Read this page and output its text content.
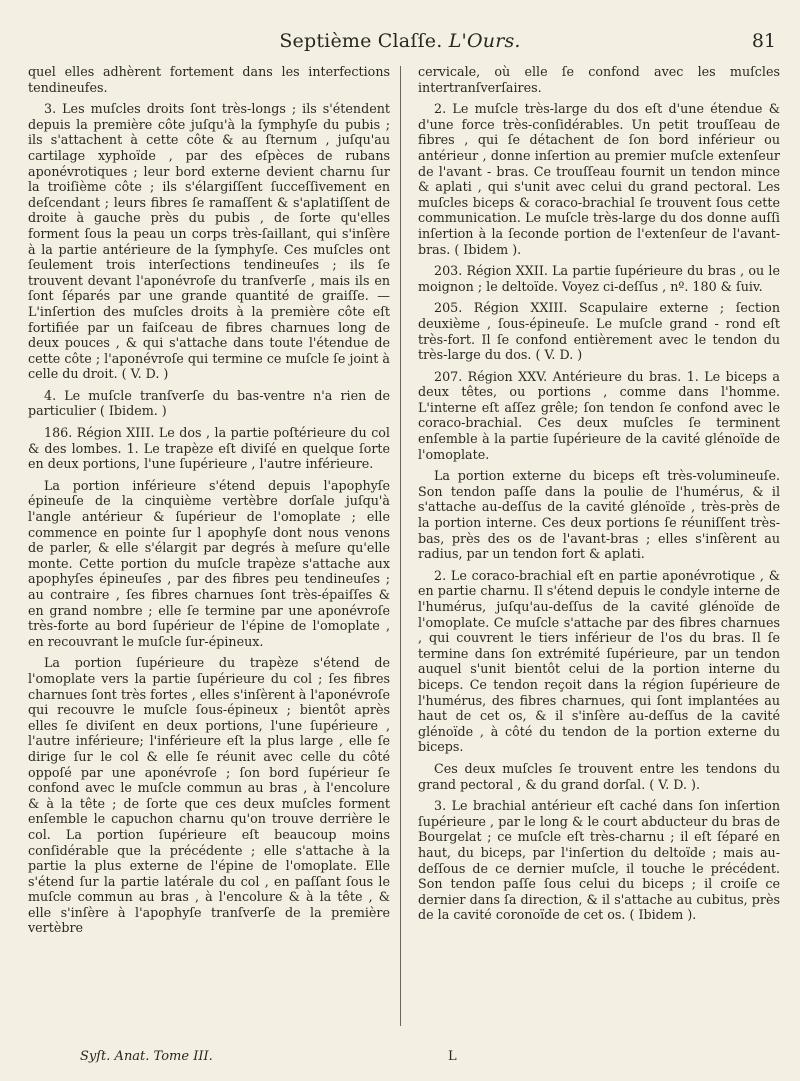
Septième Claſſe. L'Ours.	81

quel elles adhèrent fortement dans les interfections tendineufes.

3. Les muſcles droits ſont très-longs ; ils s'étendent depuis la première côte juſqu'à la ſymphyſe du pubis ; ils s'attachent à cette côte & au ſternum , juſqu'au cartilage xyphoïde , par des eſpèces de rubans aponévrotiques ; leur bord externe devient charnu ſur la troiſième côte ; ils s'élargiſſent ſucceſſivement en deſcendant ; leurs fibres ſe ramaſſent & s'aplatiſſent de droite à gauche près du pubis , de ſorte qu'elles forment ſous la peau un corps très-ſaillant, qui s'inſère à la partie antérieure de la ſymphyſe. Ces muſcles ont ſeulement trois interſections tendineuſes ; ils ſe trouvent devant l'aponévroſe du tranſverſe , mais ils en ſont ſéparés par une grande quantité de graiſſe. — L'inſertion des muſcles droits à la première côte eſt fortifiée par un faiſceau de fibres charnues long de deux pouces , & qui s'attache dans toute l'étendue de cette côte ; l'aponévroſe qui termine ce muſcle ſe joint à celle du droit. ( V. D. )

4. Le muſcle tranſverſe du bas-ventre n'a rien de particulier ( Ibidem. )

186. Région XIII. Le dos , la partie poſtérieure du col & des lombes. 1. Le trapèze eſt diviſé en quelque ſorte en deux portions, l'une ſupérieure , l'autre inférieure.

La portion inférieure s'étend depuis l'apophyſe épineuſe de la cinquième vertèbre dorſale juſqu'à l'angle antérieur & ſupérieur de l'omoplate ; elle commence en pointe ſur l apophyſe dont nous venons de parler, & elle s'élargit par degrés à meſure qu'elle monte. Cette portion du muſcle trapèze s'attache aux apophyſes épineuſes , par des fibres peu tendineuſes ; au contraire , ſes fibres charnues ſont très-épaiſſes & en grand nombre ; elle ſe termine par une aponévroſe très-forte au bord ſupérieur de l'épine de l'omoplate , en recouvrant le muſcle ſur-épineux.

La portion ſupérieure du trapèze s'étend de l'omoplate vers la partie ſupérieure du col ; ſes fibres charnues ſont très fortes , elles s'inſèrent à l'aponévroſe qui recouvre le muſcle ſous-épineux ; bientôt après elles ſe diviſent en deux portions, l'une ſupérieure , l'autre inférieure; l'inférieure eſt la plus large , elle ſe dirige ſur le col & elle ſe réunit avec celle du côté oppoſé par une aponévroſe ; ſon bord ſupérieur ſe confond avec le muſcle commun au bras , à l'encolure & à la tête ; de ſorte que ces deux muſcles forment enſemble le capuchon charnu qu'on trouve derrière le col. La portion ſupérieure eſt beaucoup moins conſidérable que la précédente ; elle s'attache à la partie la plus externe de l'épine de l'omoplate. Elle s'étend ſur la partie latérale du col , en paſſant ſous le muſcle commun au bras , à l'encolure & à la tête , & elle s'inſère à l'apophyſe tranſverſe de la première vertèbre

cervicale, où elle ſe confond avec les muſcles intertranſverſaires.

2. Le muſcle très-large du dos eſt d'une étendue & d'une force très-conſidérables. Un petit trouſſeau de fibres , qui ſe détachent de ſon bord inférieur ou antérieur , donne inſertion au premier muſcle extenſeur de l'avant - bras. Ce trouſſeau fournit un tendon mince & aplati , qui s'unit avec celui du grand pectoral. Les muſcles biceps & coraco-brachial ſe trouvent ſous cette communication. Le muſcle très-large du dos donne auſſi inſertion à la ſeconde portion de l'extenſeur de l'avant-bras. ( Ibidem ).

203. Région XXII. La partie ſupérieure du bras , ou le moignon ; le deltoïde. Voyez ci-deſſus , nº. 180 & ſuiv.

205. Région XXIII. Scapulaire externe ; ſection deuxième , ſous-épineuſe. Le muſcle grand - rond eſt très-fort. Il ſe confond entièrement avec le tendon du très-large du dos. ( V. D. )

207. Région XXV. Antérieure du bras. 1. Le biceps a deux têtes, ou portions , comme dans l'homme. L'interne eſt aſſez grêle; ſon tendon ſe confond avec le coraco-brachial. Ces deux muſcles ſe terminent enſemble à la partie ſupérieure de la cavité glénoïde de l'omoplate.

La portion externe du biceps eſt très-volumineuſe. Son tendon paſſe dans la poulie de l'humérus, & il s'attache au-deſſus de la cavité glénoïde , très-près de la portion interne. Ces deux portions ſe réuniſſent très-bas, près des os de l'avant-bras ; elles s'inſèrent au radius, par un tendon fort & aplati.

2. Le coraco-brachial eſt en partie aponévrotique , & en partie charnu. Il s'étend depuis le condyle interne de l'humérus, juſqu'au-deſſus de la cavité glénoïde de l'omoplate. Ce muſcle s'attache par des fibres charnues , qui couvrent le tiers inférieur de l'os du bras. Il ſe termine dans ſon extrémité ſupérieure, par un tendon auquel s'unit bientôt celui de la portion interne du biceps. Ce tendon reçoit dans la région ſupérieure de l'humérus, des fibres charnues, qui ſont implantées au haut de cet os, & il s'inſère au-deſſus de la cavité glénoïde , à côté du tendon de la portion externe du biceps.

Ces deux muſcles ſe trouvent entre les tendons du grand pectoral , & du grand dorſal. ( V. D. ).

3. Le brachial antérieur eſt caché dans ſon inſertion ſupérieure , par le long & le court abducteur du bras de Bourgelat ; ce muſcle eſt très-charnu ; il eſt ſéparé en haut, du biceps, par l'inſertion du deltoïde ; mais au-deſſous de ce dernier muſcle, il touche le précédent. Son tendon paſſe ſous celui du biceps ; il croiſe ce dernier dans ſa direction, & il s'attache au cubitus, près de la cavité coronoïde de cet os. ( Ibidem ).

Syſt. Anat. Tome III.	L
